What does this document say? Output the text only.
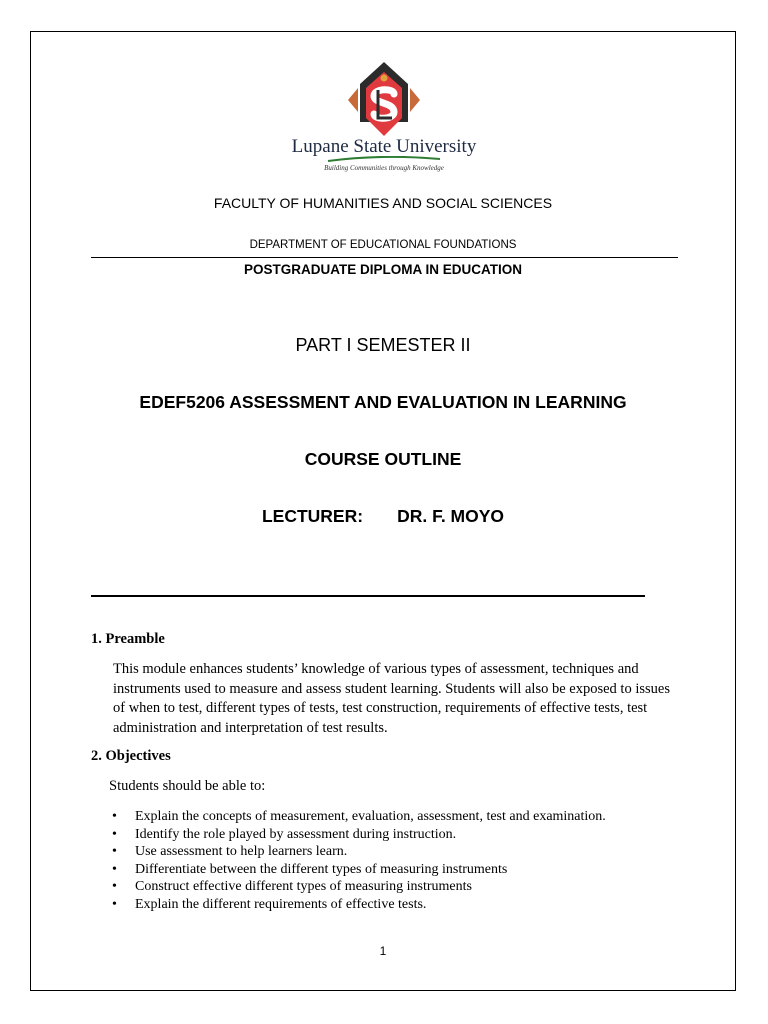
Lupane State University
Building Communities through Knowledge
FACULTY OF HUMANITIES AND SOCIAL SCIENCES
DEPARTMENT OF EDUCATIONAL FOUNDATIONS
POSTGRADUATE DIPLOMA IN EDUCATION
PART I SEMESTER II
EDEF5206 ASSESSMENT AND EVALUATION IN LEARNING
COURSE OUTLINE
LECTURER: DR. F. MOYO
1. Preamble
This module enhances students’ knowledge of various types of assessment, techniques and instruments used to measure and assess student learning. Students will also be exposed to issues of when to test, different types of tests, test construction, requirements of effective tests, test administration and interpretation of test results.
2. Objectives
Students should be able to:
• Explain the concepts of measurement, evaluation, assessment, test and examination.
• Identify the role played by assessment during instruction.
• Use assessment to help learners learn.
• Differentiate between the different types of measuring instruments
• Construct effective different types of measuring instruments
• Explain the different requirements of effective tests.
1
